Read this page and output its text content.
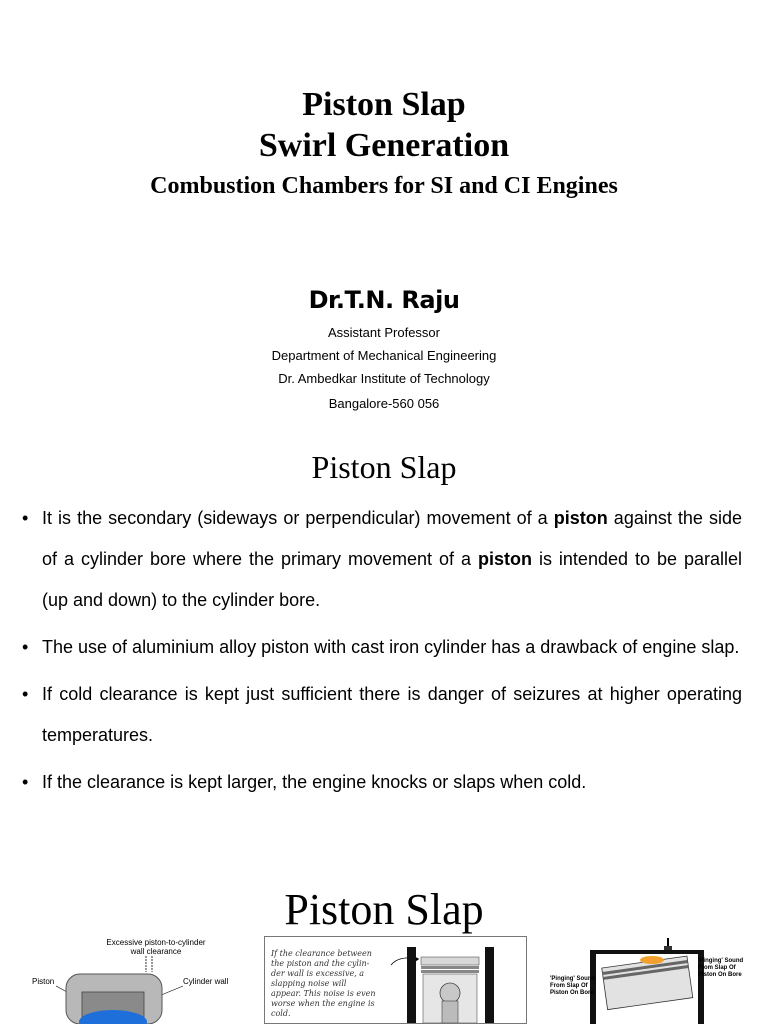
Piston Slap
Swirl Generation
Combustion Chambers for SI and CI Engines
Dr.T.N. Raju
Assistant Professor
Department of Mechanical Engineering
Dr. Ambedkar Institute of Technology
Bangalore-560 056
Piston Slap
• It is the secondary (sideways or perpendicular) movement of a piston against the side of a cylinder bore where the primary movement of a piston is intended to be parallel (up and down) to the cylinder bore.
• The use of aluminium alloy piston with cast iron cylinder has a drawback of engine slap.
• If cold clearance is kept just sufficient there is danger of seizures at higher operating temperatures.
• If the clearance is kept larger, the engine knocks or slaps when cold.
Piston Slap
Excessive piston-to-cylinder
wall clearance
Piston	Cylinder wall
If the clearance between
the piston and the cylin-
der wall is excessive, a
slapping noise will
appear. This noise is even
worse when the engine is
cold.
'Pinging' Sound
From Slap Of
Piston On Bore
'Pinging' Sound
From Slap Of
Piston On Bore
